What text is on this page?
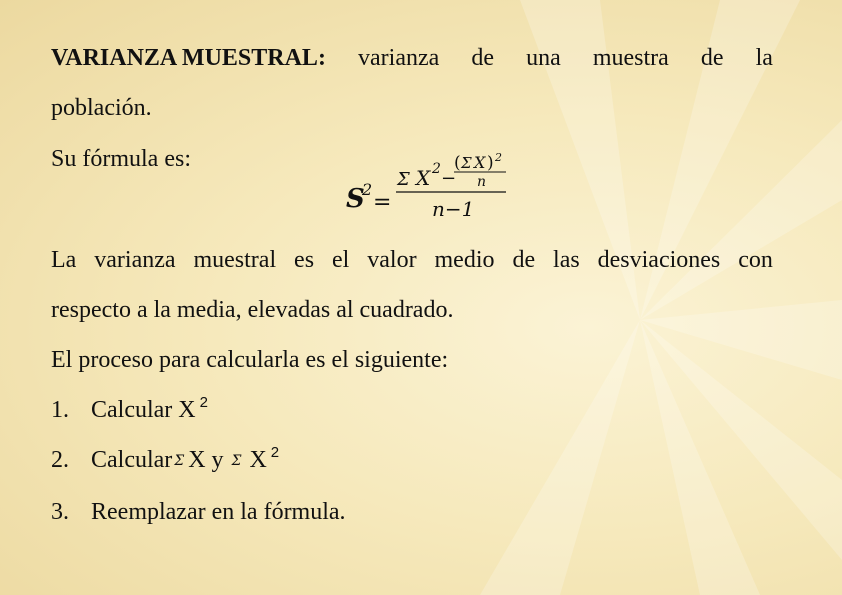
VARIANZA MUESTRAL: varianza de una muestra de la
población.
Su fórmula es:
S
2
=
Σ X 2 −
( Σ X ) 2
n
n−1
La varianza muestral es el valor medio de las desviaciones con
respecto a la media, elevadas al cuadrado.
El proceso para calcularla es el siguiente:
1. Calcular X $^2$
2. Calcular Σ X y Σ X $^2$
3. Reemplazar en la fórmula.
